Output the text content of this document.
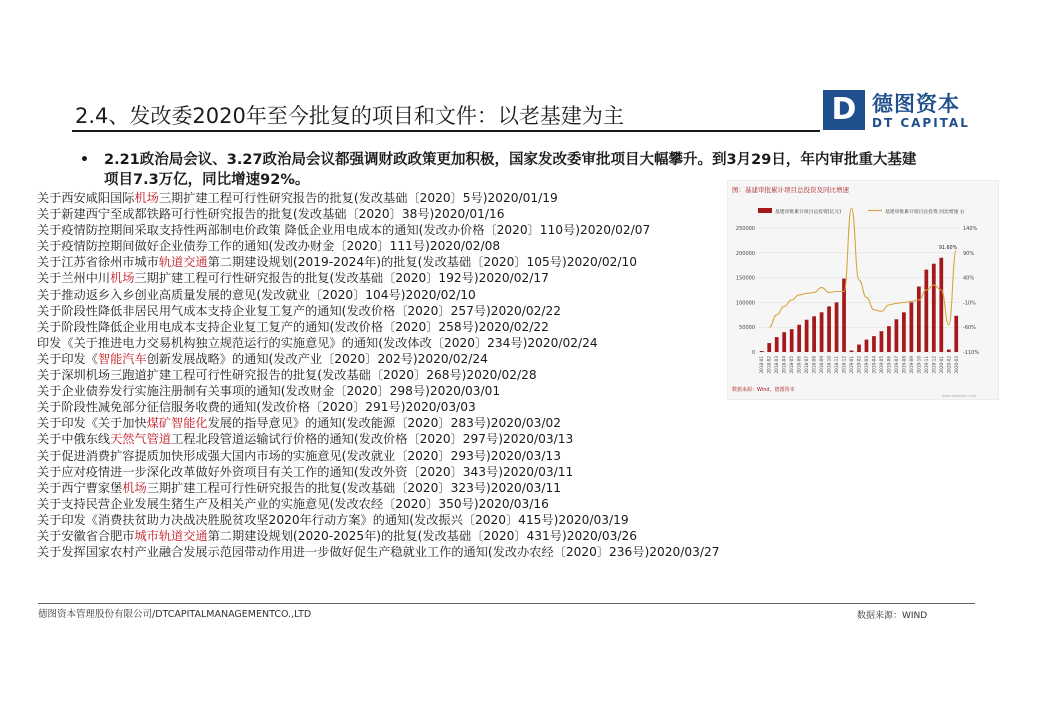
2.4、发改委2020年至今批复的项目和文件：以老基建为主	D 德图资本
DT CAPITAL
• 2.21政治局会议、3.27政治局会议都强调财政政策更加积极，国家发改委审批项目大幅攀升。到3月29日，年内审批重大基建项目7.3万亿，同比增速92%。
关于西安咸阳国际机场三期扩建工程可行性研究报告的批复(发改基础〔2020〕5号)2020/01/19
关于新建西宁至成都铁路可行性研究报告的批复(发改基础〔2020〕38号)2020/01/16
关于疫情防控期间采取支持性两部制电价政策 降低企业用电成本的通知(发改办价格〔2020〕110号)2020/02/07
关于疫情防控期间做好企业债券工作的通知(发改办财金〔2020〕111号)2020/02/08
关于江苏省徐州市城市轨道交通第二期建设规划(2019-2024年)的批复(发改基础〔2020〕105号)2020/02/10
关于兰州中川机场三期扩建工程可行性研究报告的批复(发改基础〔2020〕192号)2020/02/17
关于推动返乡入乡创业高质量发展的意见(发改就业〔2020〕104号)2020/02/10
关于阶段性降低非居民用气成本支持企业复工复产的通知(发改价格〔2020〕257号)2020/02/22
关于阶段性降低企业用电成本支持企业复工复产的通知(发改价格〔2020〕258号)2020/02/22
印发《关于推进电力交易机构独立规范运行的实施意见》的通知(发改体改〔2020〕234号)2020/02/24
关于印发《智能汽车创新发展战略》的通知(发改产业〔2020〕202号)2020/02/24
关于深圳机场三跑道扩建工程可行性研究报告的批复(发改基础〔2020〕268号)2020/02/28
关于企业债券发行实施注册制有关事项的通知(发改财金〔2020〕298号)2020/03/01
关于阶段性减免部分征信服务收费的通知(发改价格〔2020〕291号)2020/03/03
关于印发《关于加快煤矿智能化发展的指导意见》的通知(发改能源〔2020〕283号)2020/03/02
关于中俄东线天然气管道工程北段管道运输试行价格的通知(发改价格〔2020〕297号)2020/03/13
关于促进消费扩容提质加快形成强大国内市场的实施意见(发改就业〔2020〕293号)2020/03/13
关于应对疫情进一步深化改革做好外资项目有关工作的通知(发改外资〔2020〕343号)2020/03/11
关于西宁曹家堡机场三期扩建工程可行性研究报告的批复(发改基础〔2020〕323号)2020/03/11
关于支持民营企业发展生猪生产及相关产业的实施意见(发改农经〔2020〕350号)2020/03/16
关于印发《消费扶贫助力决战决胜脱贫攻坚2020年行动方案》的通知(发改振兴〔2020〕415号)2020/03/19
关于安徽省合肥市城市轨道交通第二期建设规划(2020-2025年)的批复(发改基础〔2020〕431号)2020/03/26
关于发挥国家农村产业融合发展示范园带动作用进一步做好促生产稳就业工作的通知(发改办农经〔2020〕236号)2020/03/27
图：基建审批累计项目总投资及同比增速
基建审批累计项目总投资(亿元)	基建审批累计项目总投资 同比增速 右
250000
200000
150000
100000
50000
0
140%
90%
40%
-10%
-60%
-110%
91.60%
2018-01 2018-02 2018-03 2018-04 2018-05 2018-06 2018-07 2018-08 2018-09 2018-10 2018-11 2018-12 2019-01 2019-02 2019-03 2019-04 2019-05 2019-06 2019-07 2019-08 2019-09 2019-10 2019-11 2019-12 2020-01 2020-02 2020-03
数据来源：Wind，德图资本
www.dtcapital.com
德图资本管理股份有限公司/DTCAPITALMANAGEMENTCO.,LTD	数据来源：WIND
